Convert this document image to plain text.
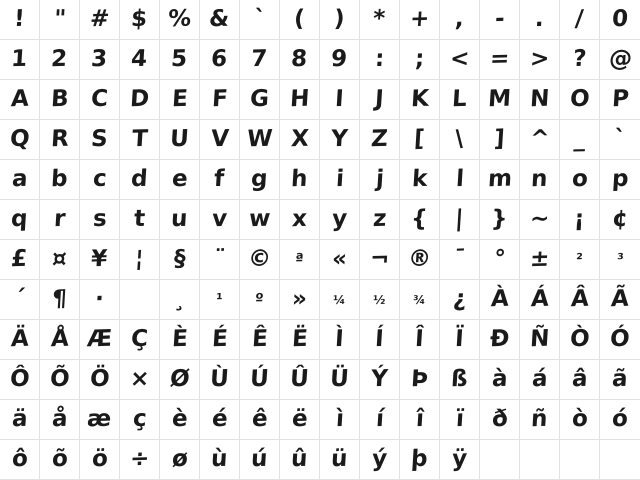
! " # $ % & ` ( ) * + , - . / 0
1 2 3 4 5 6 7 8 9 : ; < = > ? @
A B C D E F G H I J K L M N O P
Q R S T U V W X Y Z [ \ ] ^ _ `
a b c d e f g h i j k l m n o p
q r s t u v w x y z { | } ~ ¡ ¢
£ ¤ ¥ ¦ § ¨ © ª « ¬ ® ¯ ° ± ² ³
´ ¶ ·	¸ ¹ º » ¼ ½ ¾ ¿ À Á Â Ã
Ä Å Æ Ç È É Ê Ë Ì Í Î Ï Ð Ñ Ò Ó
Ô Õ Ö × Ø Ù Ú Û Ü Ý Þ ß à á â ã
ä å æ ç è é ê ë ì í î ï ð ñ ò ó
ô õ ö ÷ ø ù ú û ü ý þ ÿ
